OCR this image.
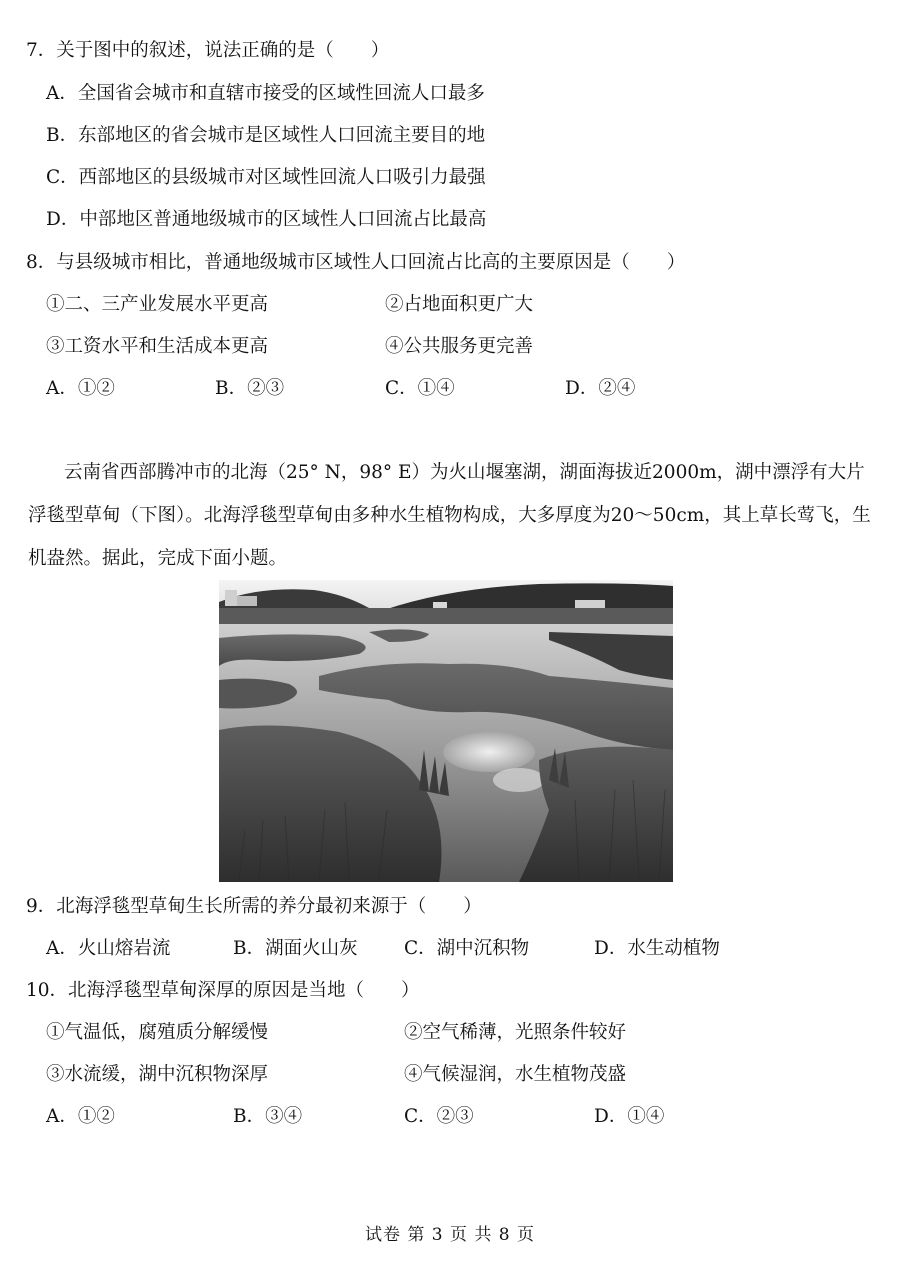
7．关于图中的叙述，说法正确的是（　　）
A．全国省会城市和直辖市接受的区域性回流人口最多
B．东部地区的省会城市是区域性人口回流主要目的地
C．西部地区的县级城市对区域性回流人口吸引力最强
D．中部地区普通地级城市的区域性人口回流占比最高
8．与县级城市相比，普通地级城市区域性人口回流占比高的主要原因是（　　）
①二、三产业发展水平更高	②占地面积更广大
③工资水平和生活成本更高	④公共服务更完善
A．①②	B．②③	C．①④	D．②④
云南省西部腾冲市的北海（25° N，98° E）为火山堰塞湖，湖面海拔近2000m，湖中漂浮有大片浮毯型草甸（下图）。北海浮毯型草甸由多种水生植物构成，大多厚度为20～50cm，其上草长莺飞，生机盎然。据此，完成下面小题。
9．北海浮毯型草甸生长所需的养分最初来源于（　　）
A．火山熔岩流	B．湖面火山灰	C．湖中沉积物	D．水生动植物
10．北海浮毯型草甸深厚的原因是当地（　　）
①气温低，腐殖质分解缓慢	②空气稀薄，光照条件较好
③水流缓，湖中沉积物深厚	④气候湿润，水生植物茂盛
A．①②	B．③④	C．②③	D．①④
试卷 第 3 页 共 8 页
